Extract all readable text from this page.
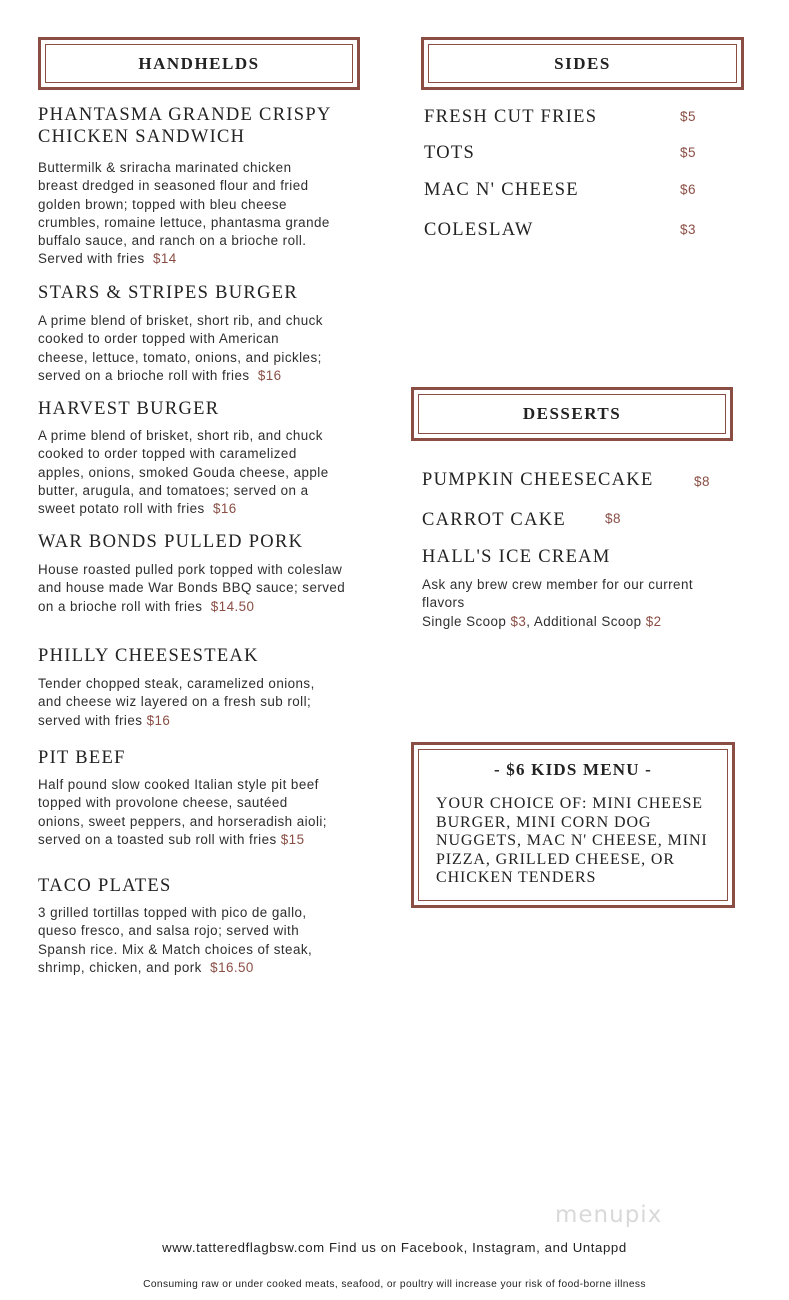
HANDHELDS	SIDES
PHANTASMA GRANDE CRISPY
CHICKEN SANDWICH
Buttermilk & sriracha marinated chicken
breast dredged in seasoned flour and fried
golden brown; topped with bleu cheese
crumbles, romaine lettuce, phantasma grande
buffalo sauce, and ranch on a brioche roll.
Served with fries $14
STARS & STRIPES BURGER
A prime blend of brisket, short rib, and chuck
cooked to order topped with American
cheese, lettuce, tomato, onions, and pickles;
served on a brioche roll with fries $16
HARVEST BURGER
A prime blend of brisket, short rib, and chuck
cooked to order topped with caramelized
apples, onions, smoked Gouda cheese, apple
butter, arugula, and tomatoes; served on a
sweet potato roll with fries $16
WAR BONDS PULLED PORK
House roasted pulled pork topped with coleslaw
and house made War Bonds BBQ sauce; served
on a brioche roll with fries $14.50
PHILLY CHEESESTEAK
Tender chopped steak, caramelized onions,
and cheese wiz layered on a fresh sub roll;
served with fries $16
PIT BEEF
Half pound slow cooked Italian style pit beef
topped with provolone cheese, sautéed
onions, sweet peppers, and horseradish aioli;
served on a toasted sub roll with fries $15
TACO PLATES
3 grilled tortillas topped with pico de gallo,
queso fresco, and salsa rojo; served with
Spansh rice. Mix & Match choices of steak,
shrimp, chicken, and pork $16.50
FRESH CUT FRIES	$5
TOTS	$5
MAC N' CHEESE	$6
COLESLAW	$3
DESSERTS
PUMPKIN CHEESECAKE	$8
CARROT CAKE	$8
HALL'S ICE CREAM
Ask any brew crew member for our current
flavors
Single Scoop $3, Additional Scoop $2
- $6 KIDS MENU -
YOUR CHOICE OF: MINI CHEESE
BURGER, MINI CORN DOG
NUGGETS, MAC N' CHEESE, MINI
PIZZA, GRILLED CHEESE, OR
CHICKEN TENDERS
menupix
www.tatteredflagbsw.com Find us on Facebook, Instagram, and Untappd
Consuming raw or under cooked meats, seafood, or poultry will increase your risk of food-borne illness
